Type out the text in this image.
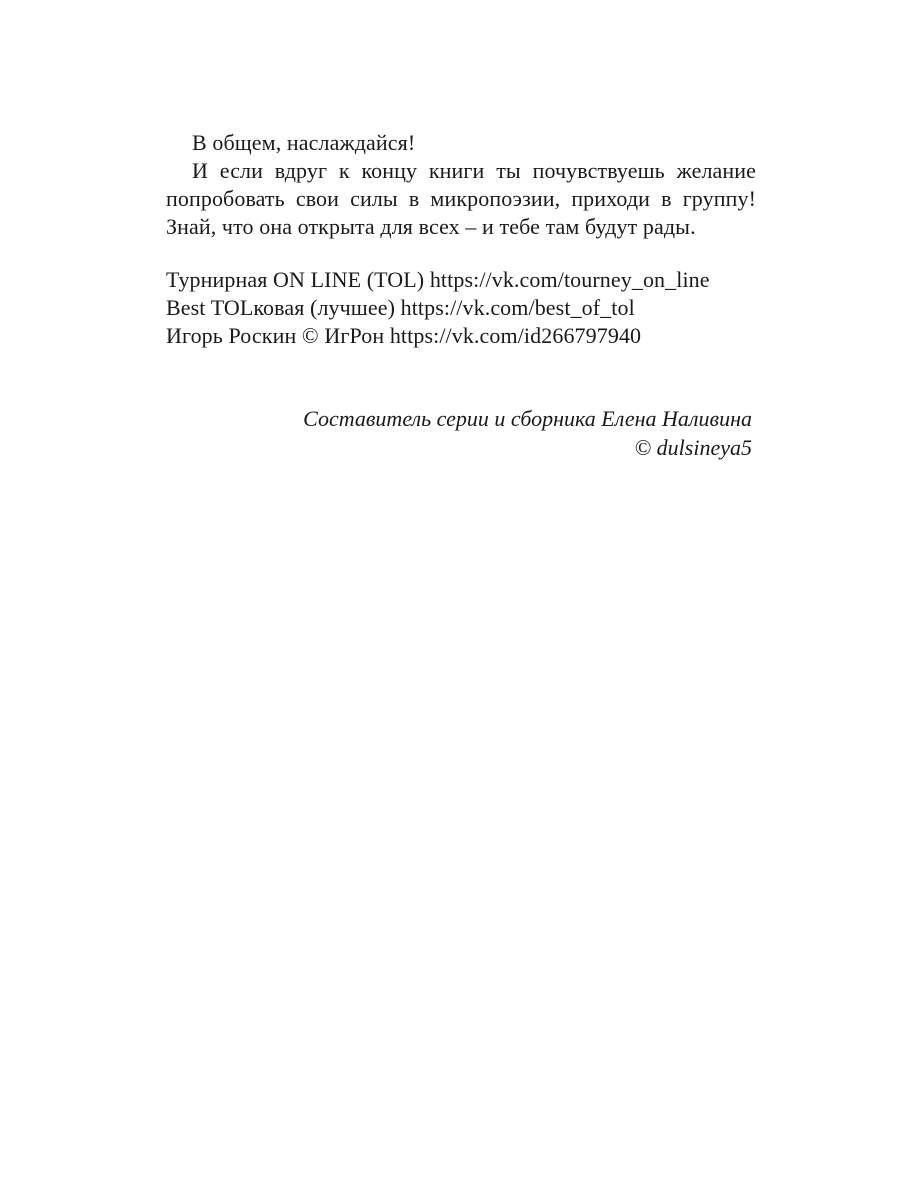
В общем, наслаждайся!

И если вдруг к концу книги ты почувствуешь желание

попробовать свои силы в микропоэзии, приходи в группу!

Знай, что она открыта для всех – и тебе там будут рады.

Турнирная ON LINE (TOL) https://vk.com/tourney_on_line
Best TOLковая (лучшее) https://vk.com/best_of_tol
Игорь Роскин © ИгРон https://vk.com/id266797940
Составитель серии и сборника Елена Наливина
© dulsineya5
